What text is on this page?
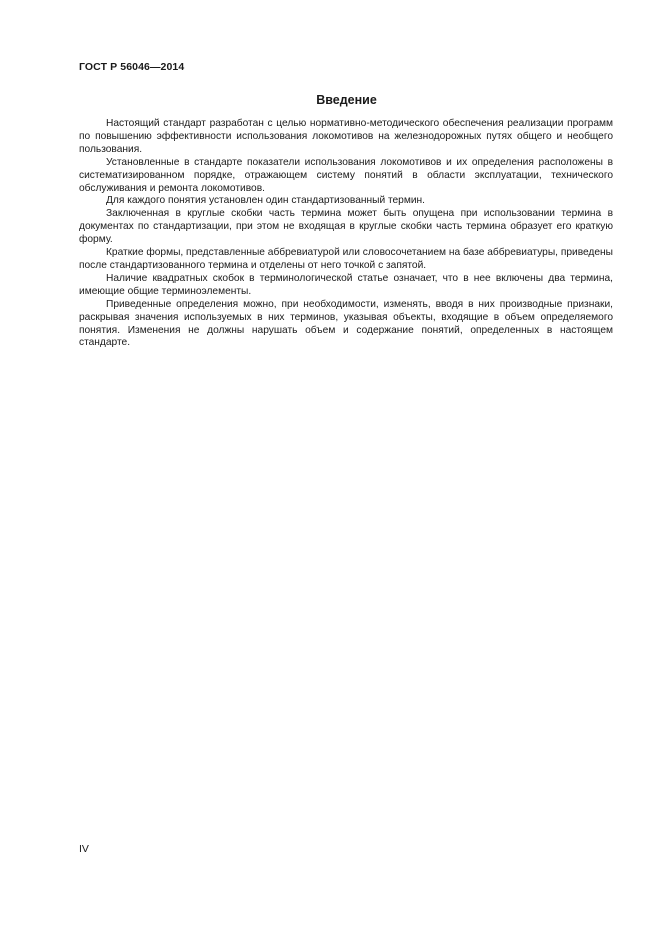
ГОСТ Р 56046—2014
Введение

Настоящий стандарт разработан с целью нормативно-методического обеспечения реализации программ по повышению эффективности использования локомотивов на железнодорожных путях общего и необщего пользования.

Установленные в стандарте показатели использования локомотивов и их определения расположены в систематизированном порядке, отражающем систему понятий в области эксплуатации, технического обслуживания и ремонта локомотивов.

Для каждого понятия установлен один стандартизованный термин.

Заключенная в круглые скобки часть термина может быть опущена при использовании термина в документах по стандартизации, при этом не входящая в круглые скобки часть термина образует его краткую форму.

Краткие формы, представленные аббревиатурой или словосочетанием на базе аббревиатуры, приведены после стандартизованного термина и отделены от него точкой с запятой.

Наличие квадратных скобок в терминологической статье означает, что в нее включены два термина, имеющие общие терминоэлементы.

Приведенные определения можно, при необходимости, изменять, вводя в них производные признаки, раскрывая значения используемых в них терминов, указывая объекты, входящие в объем определяемого понятия. Изменения не должны нарушать объем и содержание понятий, определенных в настоящем стандарте.

IV
